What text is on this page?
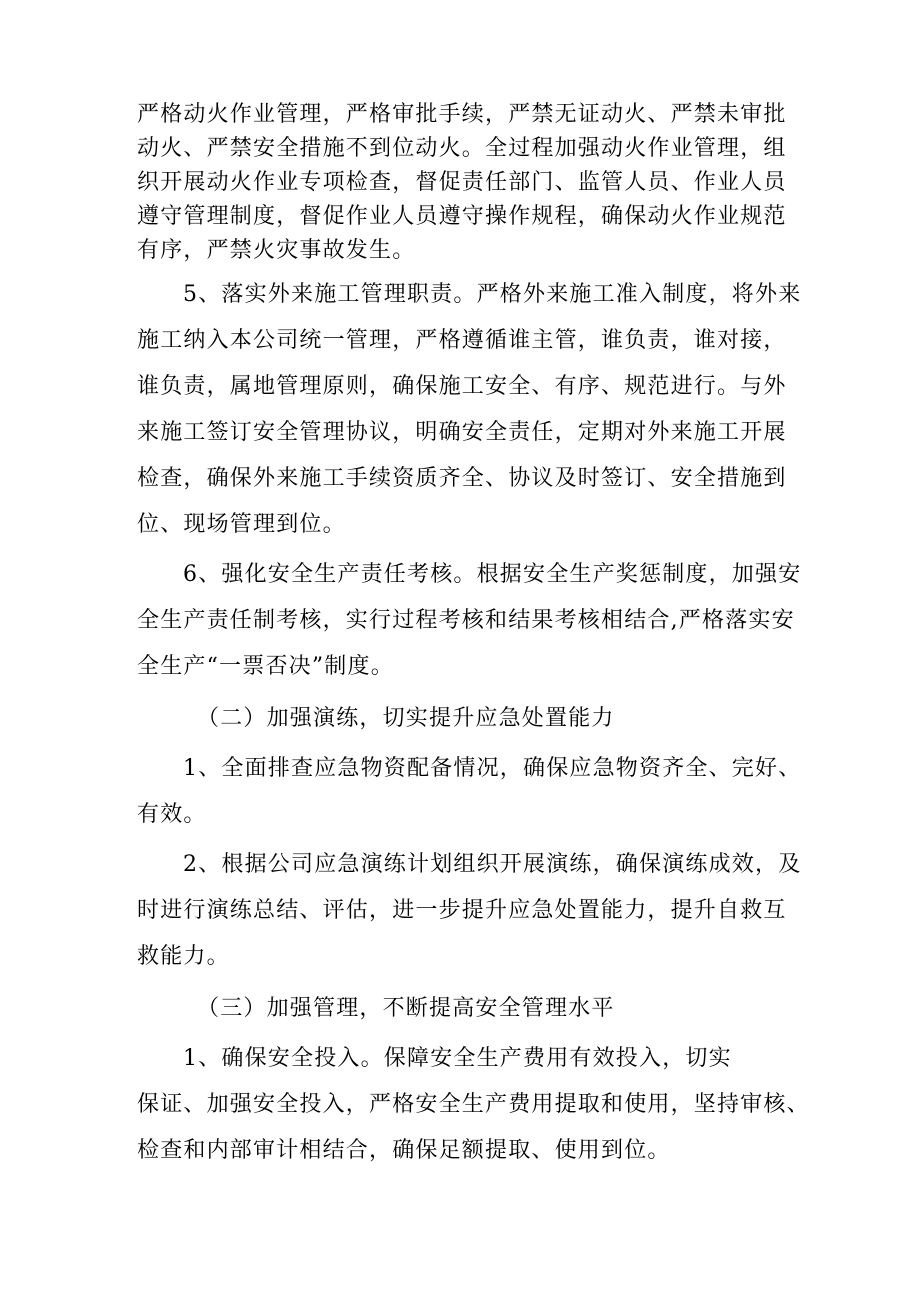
严格动火作业管理，严格审批手续，严禁无证动火、严禁未审批
动火、严禁安全措施不到位动火。全过程加强动火作业管理，组
织开展动火作业专项检查，督促责任部门、监管人员、作业人员
遵守管理制度，督促作业人员遵守操作规程，确保动火作业规范
有序，严禁火灾事故发生。
5、落实外来施工管理职责。严格外来施工准入制度，将外来
施工纳入本公司统一管理，严格遵循谁主管，谁负责，谁对接，
谁负责，属地管理原则，确保施工安全、有序、规范进行。与外
来施工签订安全管理协议，明确安全责任，定期对外来施工开展
检查，确保外来施工手续资质齐全、协议及时签订、安全措施到
位、现场管理到位。
6、强化安全生产责任考核。根据安全生产奖惩制度，加强安
全生产责任制考核，实行过程考核和结果考核相结合,严格落实安
全生产“一票否决”制度。
（二）加强演练，切实提升应急处置能力
1、全面排查应急物资配备情况，确保应急物资齐全、完好、
有效。
2、根据公司应急演练计划组织开展演练，确保演练成效，及
时进行演练总结、评估，进一步提升应急处置能力，提升自救互
救能力。
（三）加强管理，不断提高安全管理水平
1、确保安全投入。保障安全生产费用有效投入，切实
保证、加强安全投入，严格安全生产费用提取和使用，坚持审核、
检查和内部审计相结合，确保足额提取、使用到位。
